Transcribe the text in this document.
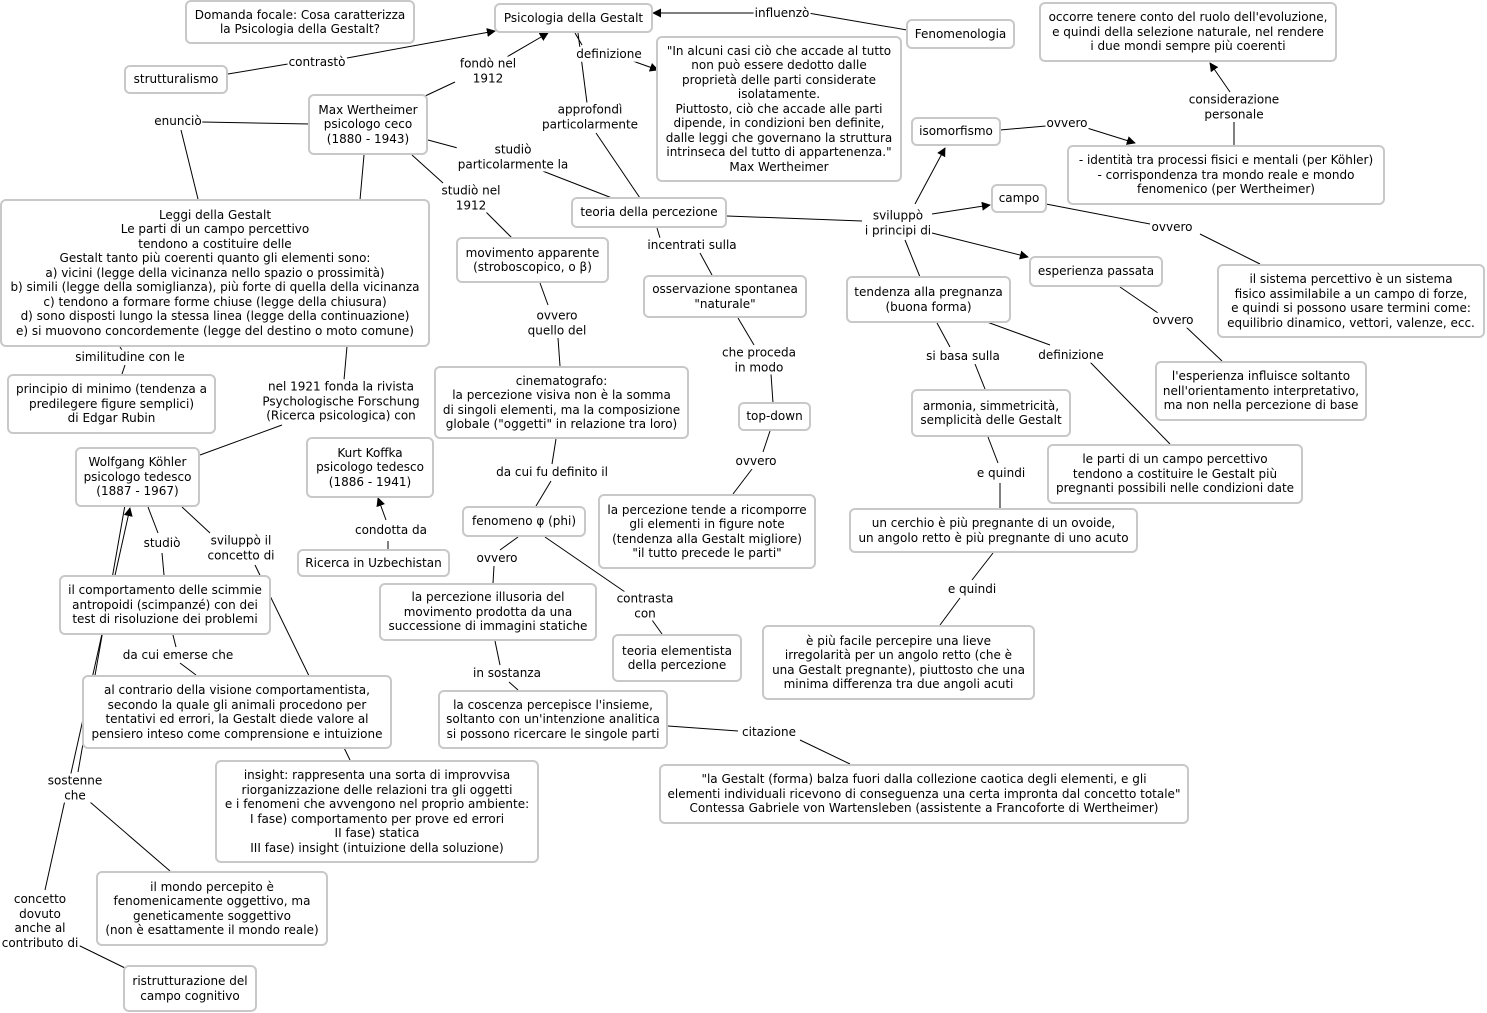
Psicologia della Gestalt
Domanda focale: Cosa caratterizza
la Psicologia della Gestalt?	Fenomenologia
strutturalismo
"In alcuni casi ciò che accade al tutto
non può essere dedotto dalle
proprietà delle parti considerate
isolatamente.
Piuttosto, ciò che accade alle parti
dipende, in condizioni ben definite,
dalle leggi che governano la struttura
intrinseca del tutto di appartenenza."
Max Wertheimer
occorre tenere conto del ruolo dell'evoluzione,
e quindi della selezione naturale, nel rendere
i due mondi sempre più coerenti
Max Wertheimer
psicologo ceco
(1880 - 1943)
isomorfismo
- identità tra processi fisici e mentali (per Köhler)
- corrispondenza tra mondo reale e mondo
fenomenico (per Wertheimer)
campo
Leggi della Gestalt
Le parti di un campo percettivo
tendono a costituire delle
Gestalt tanto più coerenti quanto gli elementi sono:
a) vicini (legge della vicinanza nello spazio o prossimità)
b) simili (legge della somiglianza), più forte di quella della vicinanza
c) tendono a formare forme chiuse (legge della chiusura)
d) sono disposti lungo la stessa linea (legge della continuazione)
e) si muovono concordemente (legge del destino o moto comune)
teoria della percezione
movimento apparente
(stroboscopico, o β)	esperienza passata
osservazione spontanea
"naturale"
tendenza alla pregnanza
(buona forma)
il sistema percettivo è un sistema
fisico assimilabile a un campo di forze,
e quindi si possono usare termini come:
equilibrio dinamico, vettori, valenze, ecc.
principio di minimo (tendenza a
predilegere figure semplici)
di Edgar Rubin
cinematografo:
la percezione visiva non è la somma
di singoli elementi, ma la composizione
globale ("oggetti" in relazione tra loro)
l'esperienza influisce soltanto
nell'orientamento interpretativo,
ma non nella percezione di base
armonia, simmetricità,
semplicità delle Gestalt
top-down
Wolfgang Köhler
psicologo tedesco
(1887 - 1967)
Kurt Koffka
psicologo tedesco
(1886 - 1941)
le parti di un campo percettivo
tendono a costituire le Gestalt più
pregnanti possibili nelle condizioni date
la percezione tende a ricomporre
gli elementi in figure note
(tendenza alla Gestalt migliore)
"il tutto precede le parti"
fenomeno φ (phi)	un cerchio è più pregnante di un ovoide,
un angolo retto è più pregnante di uno acuto
Ricerca in Uzbechistan
il comportamento delle scimmie
antropoidi (scimpanzé) con dei
test di risoluzione dei problemi
la percezione illusoria del
movimento prodotta da una
successione di immagini statiche
teoria elementista
della percezione
è più facile percepire una lieve
irregolarità per un angolo retto (che è
una Gestalt pregnante), piuttosto che una
minima differenza tra due angoli acuti
al contrario della visione comportamentista,
secondo la quale gli animali procedono per
tentativi ed errori, la Gestalt diede valore al
pensiero inteso come comprensione e intuizione
la coscenza percepisce l'insieme,
soltanto con un'intenzione analitica
si possono ricercare le singole parti
insight: rappresenta una sorta di improvvisa
riorganizzazione delle relazioni tra gli oggetti
e i fenomeni che avvengono nel proprio ambiente:
I fase) comportamento per prove ed errori
II fase) statica
III fase) insight (intuizione della soluzione)
"la Gestalt (forma) balza fuori dalla collezione caotica degli elementi, e gli
elementi individuali ricevono di conseguenza una certa impronta dal concetto totale"
Contessa Gabriele von Wartensleben (assistente a Francoforte di Wertheimer)
il mondo percepito è
fenomenicamente oggettivo, ma
geneticamente soggettivo
(non è esattamente il mondo reale)
ristrutturazione del
campo cognitivo
influenzò
contrastò	fondò nel
1912
definizione
approfondì
particolarmente
enunciò
studiò
particolarmente la
studiò nel
1912
incentrati sulla
sviluppò
i principi di
ovvero
considerazione
personale
ovvero
ovvero
ovvero
quello del
che proceda
in modo
similitudine con le
nel 1921 fonda la rivista
Psychologische Forschung
(Ricerca psicologica) con
si basa sulla	definizione
da cui fu definito il
ovvero
e quindi
e quindi
condotta da
studiò	sviluppò il
concetto di	ovvero
contrasta
con
da cui emerse che
in sostanza
citazione
sostenne
che
concetto
dovuto
anche al
contributo di
